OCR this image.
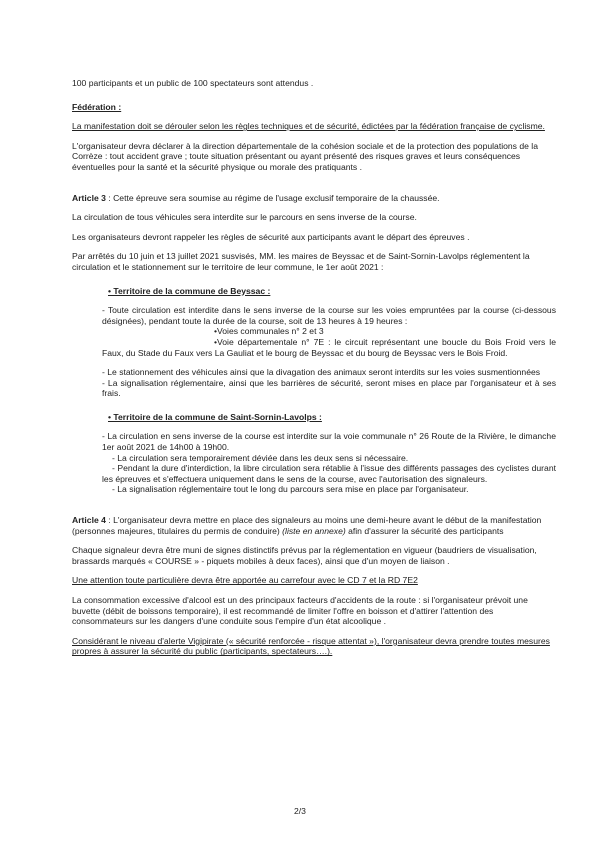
100 participants et un public de 100 spectateurs sont attendus .

Fédération :

La manifestation doit se dérouler selon les règles techniques et de sécurité, édictées par la fédération française de cyclisme.

L'organisateur devra déclarer à la direction départementale de la cohésion sociale et de la protection des populations de la Corrèze : tout accident grave ; toute situation présentant ou ayant présenté des risques graves et leurs conséquences éventuelles pour la santé et la sécurité physique ou morale des pratiquants .

Article 3 : Cette épreuve sera soumise au régime de l'usage exclusif temporaire de la chaussée.

La circulation de tous véhicules sera interdite sur le parcours en sens inverse de la course.

Les organisateurs devront rappeler les règles de sécurité aux participants avant le départ des épreuves .

Par arrêtés du 10 juin et 13 juillet 2021 susvisés, MM. les maires de Beyssac et de Saint-Sornin-Lavolps réglementent la circulation et le stationnement sur le territoire de leur commune, le 1er août 2021 :

• Territoire de la commune de Beyssac :

- Toute circulation est interdite dans le sens inverse de la course sur les voies empruntées par la course (ci-dessous désignées), pendant toute la durée de la course, soit de 13 heures à 19 heures :

•Voies communales n° 2 et 3

•Voie départementale n° 7E : le circuit représentant une boucle du Bois Froid vers le Faux, du Stade du Faux vers La Gauliat et le bourg de Beyssac et du bourg de Beyssac vers le Bois Froid.

- Le stationnement des véhicules ainsi que la divagation des animaux seront interdits sur les voies susmentionnées

- La signalisation réglementaire, ainsi que les barrières de sécurité, seront mises en place par l'organisateur et à ses frais.

• Territoire de la commune de Saint-Sornin-Lavolps :

- La circulation en sens inverse de la course est interdite sur la voie communale n° 26 Route de la Rivière, le dimanche 1er août 2021 de 14h00 à 19h00.

- La circulation sera temporairement déviée dans les deux sens si nécessaire.

- Pendant la dure d'interdiction, la libre circulation sera rétablie à l'issue des différents passages des cyclistes durant les épreuves et s'effectuera uniquement dans le sens de la course, avec l'autorisation des signaleurs.

- La signalisation réglementaire tout le long du parcours sera mise en place par l'organisateur.

Article 4 : L'organisateur devra mettre en place des signaleurs au moins une demi-heure avant le début de la manifestation (personnes majeures, titulaires du permis de conduire) (liste en annexe) afin d'assurer la sécurité des participants

Chaque signaleur devra être muni de signes distinctifs prévus par la réglementation en vigueur (baudriers de visualisation, brassards marqués « COURSE » - piquets mobiles à deux faces), ainsi que d'un moyen de liaison .

Une attention toute particulière devra être apportée au carrefour avec le CD 7 et la RD 7E2

La consommation excessive d'alcool est un des principaux facteurs d'accidents de la route : si l'organisateur prévoit une buvette (débit de boissons temporaire), il est recommandé de limiter l'offre en boisson et d'attirer l'attention des consommateurs sur les dangers d'une conduite sous l'empire d'un état alcoolique .

Considérant le niveau d'alerte Vigipirate (« sécurité renforcée - risque attentat »), l'organisateur devra prendre toutes mesures propres à assurer la sécurité du public (participants, spectateurs….).

2/3
